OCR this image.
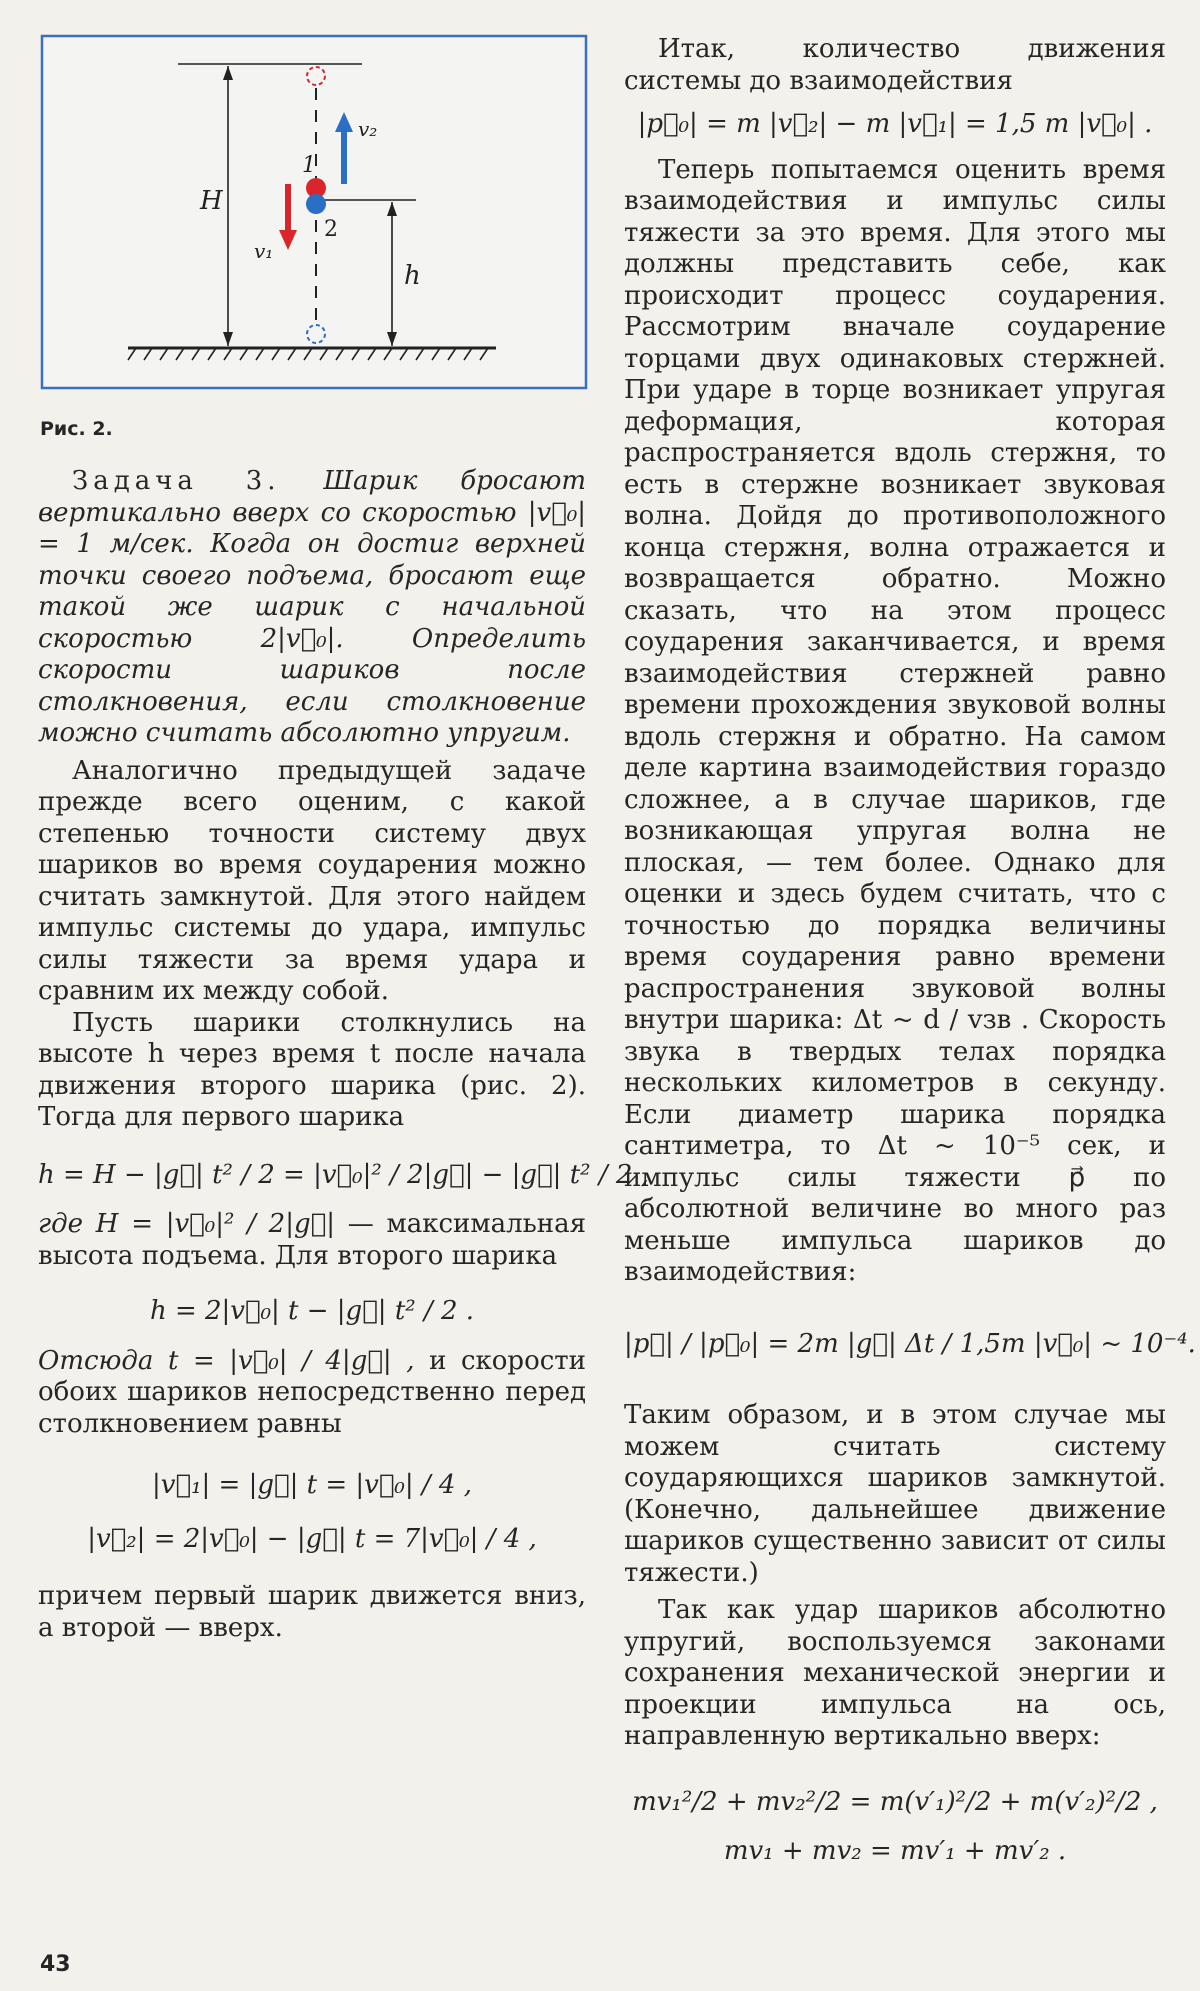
H
h
1
2
v₂
v₁
Рис. 2.

Задача 3. Шарик бросают вертикально вверх со скоростью |v⃗₀| = 1 м/сек. Когда он достиг верхней точки своего подъема, бросают еще такой же шарик с начальной скоростью 2|v⃗₀|. Определить скорости шариков после столкновения, если столкновение можно считать абсолютно упругим.

Аналогично предыдущей задаче прежде всего оценим, с какой степенью точности систему двух шариков во время соударения можно считать замкнутой. Для этого найдем импульс системы до удара, импульс силы тяжести за время удара и сравним их между собой.

Пусть шарики столкнулись на высоте h через время t после начала движения второго шарика (рис. 2). Тогда для первого шарика

h = H − |g⃗| t² / 2 = |v⃗₀|² / 2|g⃗| − |g⃗| t² / 2 ,

где H = |v⃗₀|² / 2|g⃗| — максимальная высота подъема. Для второго шарика

h = 2|v⃗₀| t − |g⃗| t² / 2 .

Отсюда t = |v⃗₀| / 4|g⃗| , и скорости обоих шариков непосредственно перед столкновением равны

|v⃗₁| = |g⃗| t = |v⃗₀| / 4 ,
|v⃗₂| = 2|v⃗₀| − |g⃗| t = 7|v⃗₀| / 4 ,

причем первый шарик движется вниз, а второй — вверх.

Итак, количество движения системы до взаимодействия

|p⃗₀| = m |v⃗₂| − m |v⃗₁| = 1,5 m |v⃗₀| .

Теперь попытаемся оценить время взаимодействия и импульс силы тяжести за это время. Для этого мы должны представить себе, как происходит процесс соударения. Рассмотрим вначале соударение торцами двух одинаковых стержней. При ударе в торце возникает упругая деформация, которая распространяется вдоль стержня, то есть в стержне возникает звуковая волна. Дойдя до противоположного конца стержня, волна отражается и возвращается обратно. Можно сказать, что на этом процесс соударения заканчивается, и время взаимодействия стержней равно времени прохождения звуковой волны вдоль стержня и обратно. На самом деле картина взаимодействия гораздо сложнее, а в случае шариков, где возникающая упругая волна не плоская, — тем более. Однако для оценки и здесь будем считать, что с точностью до порядка величины время соударения равно времени распространения звуковой волны внутри шарика: Δt ~ d / vзв . Скорость звука в твердых телах порядка нескольких километров в секунду. Если диаметр шарика порядка сантиметра, то Δt ~ 10⁻⁵ сек, и импульс силы тяжести p⃗ по абсолютной величине во много раз меньше импульса шариков до взаимодействия:

|p⃗| / |p⃗₀| = 2m |g⃗| Δt / 1,5m |v⃗₀| ~ 10⁻⁴.

Таким образом, и в этом случае мы можем считать систему соударяющихся шариков замкнутой. (Конечно, дальнейшее движение шариков существенно зависит от силы тяжести.)

Так как удар шариков абсолютно упругий, воспользуемся законами сохранения механической энергии и проекции импульса на ось, направленную вертикально вверх:

mv₁²/2 + mv₂²/2 = m(v′₁)²/2 + m(v′₂)²/2 ,
mv₁ + mv₂ = mv′₁ + mv′₂ .
43
